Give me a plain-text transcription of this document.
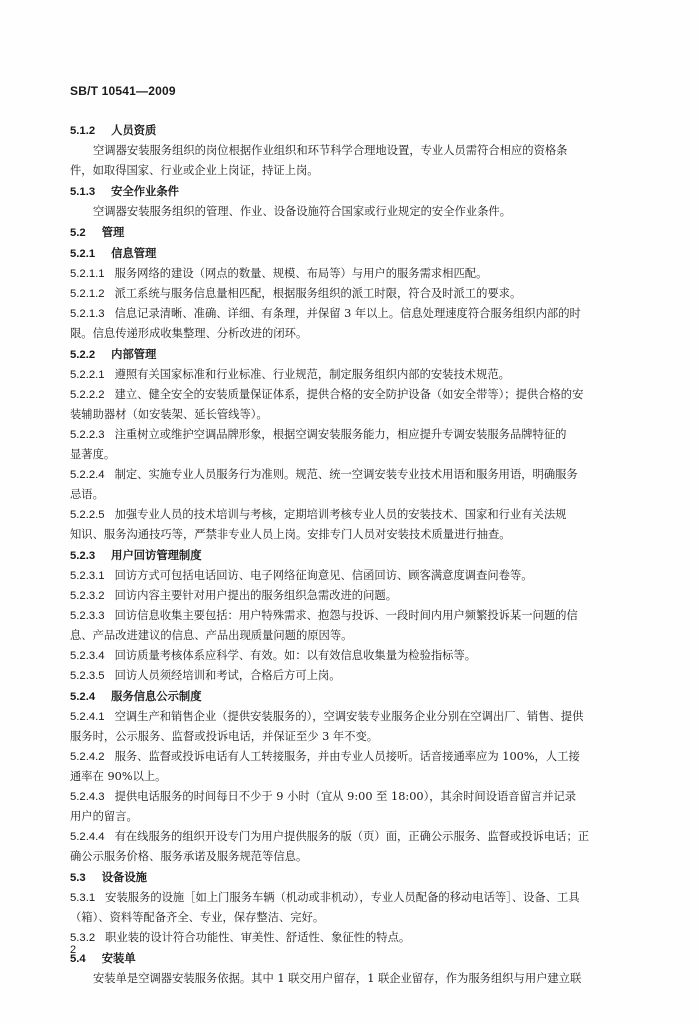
SB/T 10541—2009
5.1.2 人员资质
空调器安装服务组织的岗位根据作业组织和环节科学合理地设置，专业人员需符合相应的资格条
件，如取得国家、行业或企业上岗证，持证上岗。
5.1.3 安全作业条件
空调器安装服务组织的管理、作业、设备设施符合国家或行业规定的安全作业条件。
5.2 管理
5.2.1 信息管理
5.2.1.1 服务网络的建设（网点的数量、规模、布局等）与用户的服务需求相匹配。
5.2.1.2 派工系统与服务信息量相匹配，根据服务组织的派工时限，符合及时派工的要求。
5.2.1.3 信息记录清晰、准确、详细、有条理，并保留 3 年以上。信息处理速度符合服务组织内部的时
限。信息传递形成收集整理、分析改进的闭环。
5.2.2 内部管理
5.2.2.1 遵照有关国家标准和行业标准、行业规范，制定服务组织内部的安装技术规范。
5.2.2.2 建立、健全安全的安装质量保证体系，提供合格的安全防护设备（如安全带等）；提供合格的安
装辅助器材（如安装架、延长管线等）。
5.2.2.3 注重树立或维护空调品牌形象，根据空调安装服务能力，相应提升专调安装服务品牌特征的
显著度。
5.2.2.4 制定、实施专业人员服务行为准则。规范、统一空调安装专业技术用语和服务用语，明确服务
忌语。
5.2.2.5 加强专业人员的技术培训与考核，定期培训考核专业人员的安装技术、国家和行业有关法规
知识、服务沟通技巧等，严禁非专业人员上岗。安排专门人员对安装技术质量进行抽查。
5.2.3 用户回访管理制度
5.2.3.1 回访方式可包括电话回访、电子网络征询意见、信函回访、顾客满意度调查问卷等。
5.2.3.2 回访内容主要针对用户提出的服务组织急需改进的问题。
5.2.3.3 回访信息收集主要包括：用户特殊需求、抱怨与投诉、一段时间内用户频繁投诉某一问题的信
息、产品改进建议的信息、产品出现质量问题的原因等。
5.2.3.4 回访质量考核体系应科学、有效。如：以有效信息收集量为检验指标等。
5.2.3.5 回访人员须经培训和考试，合格后方可上岗。
5.2.4 服务信息公示制度
5.2.4.1 空调生产和销售企业（提供安装服务的），空调安装专业服务企业分别在空调出厂、销售、提供
服务时，公示服务、监督或投诉电话，并保证至少 3 年不变。
5.2.4.2 服务、监督或投诉电话有人工转接服务，并由专业人员接听。话音接通率应为 100%，人工接
通率在 90%以上。
5.2.4.3 提供电话服务的时间每日不少于 9 小时（宜从 9:00 至 18:00），其余时间设语音留言并记录
用户的留言。
5.2.4.4 有在线服务的组织开设专门为用户提供服务的版（页）面，正确公示服务、监督或投诉电话；正
确公示服务价格、服务承诺及服务规范等信息。
5.3 设备设施
5.3.1 安装服务的设施［如上门服务车辆（机动或非机动），专业人员配备的移动电话等］、设备、工具
（箱）、资料等配备齐全、专业，保存整洁、完好。
5.3.2 职业装的设计符合功能性、审美性、舒适性、象征性的特点。
5.4 安装单
安装单是空调器安装服务依据。其中 1 联交用户留存，1 联企业留存，作为服务组织与用户建立联
2
